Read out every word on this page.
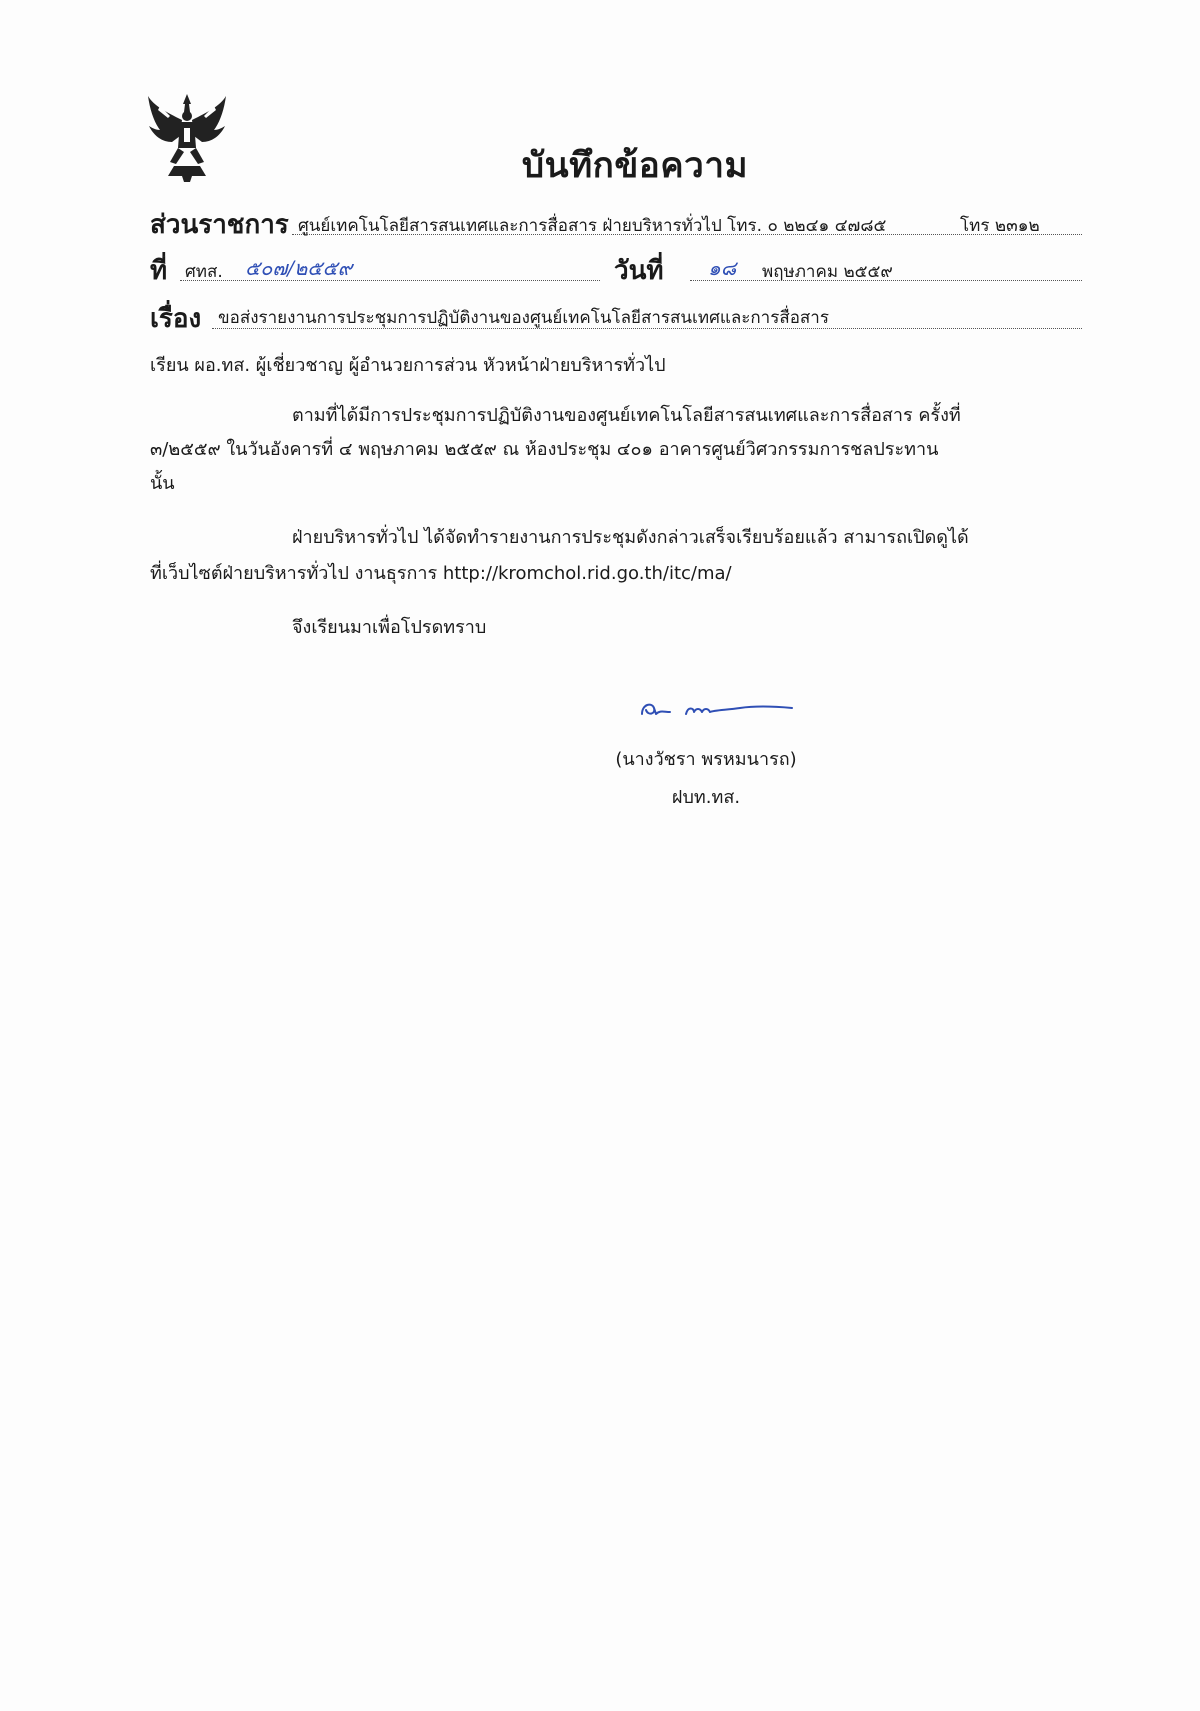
บันทึกข้อความ
ส่วนราชการ ศูนย์เทคโนโลยีสารสนเทศและการสื่อสาร ฝ่ายบริหารทั่วไป โทร. ๐ ๒๒๔๑ ๔๗๘๕	โทร ๒๓๑๒
ที่ ศทส. ๕๐๗/๒๕๕๙	วันที่ ๑๘ พฤษภาคม ๒๕๕๙
เรื่อง ขอส่งรายงานการประชุมการปฏิบัติงานของศูนย์เทคโนโลยีสารสนเทศและการสื่อสาร
เรียน ผอ.ทส. ผู้เชี่ยวชาญ ผู้อำนวยการส่วน หัวหน้าฝ่ายบริหารทั่วไป
ตามที่ได้มีการประชุมการปฏิบัติงานของศูนย์เทคโนโลยีสารสนเทศและการสื่อสาร ครั้งที่
๓/๒๕๕๙ ในวันอังคารที่ ๔ พฤษภาคม ๒๕๕๙ ณ ห้องประชุม ๔๐๑ อาคารศูนย์วิศวกรรมการชลประทาน
นั้น
ฝ่ายบริหารทั่วไป ได้จัดทำรายงานการประชุมดังกล่าวเสร็จเรียบร้อยแล้ว สามารถเปิดดูได้
ที่เว็บไซต์ฝ่ายบริหารทั่วไป งานธุรการ http://kromchol.rid.go.th/itc/ma/
จึงเรียนมาเพื่อโปรดทราบ
(นางวัชรา พรหมนารถ)
ฝบท.ทส.
